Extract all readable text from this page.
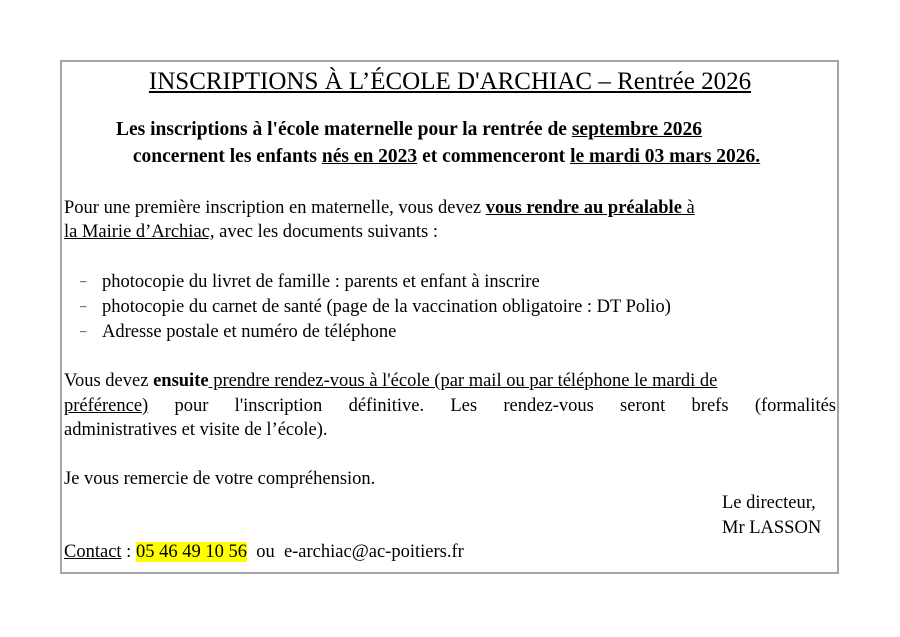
INSCRIPTIONS À L’ÉCOLE D'ARCHIAC – Rentrée 2026
Les inscriptions à l'école maternelle pour la rentrée de septembre 2026
concernent les enfants nés en 2023 et commenceront le mardi 03 mars 2026.
Pour une première inscription en maternelle, vous devez vous rendre au préalable à
la Mairie d’Archiac, avec les documents suivants :
– photocopie du livret de famille : parents et enfant à inscrire
– photocopie du carnet de santé (page de la vaccination obligatoire : DT Polio)
– Adresse postale et numéro de téléphone
Vous devez ensuite prendre rendez-vous à l'école (par mail ou par téléphone le mardi de
préférence) pour l'inscription définitive. Les rendez-vous seront brefs (formalités
administratives et visite de l’école).
Je vous remercie de votre compréhension.
Le directeur,
Mr LASSON
Contact : 05 46 49 10 56  ou  e-archiac@ac-poitiers.fr
